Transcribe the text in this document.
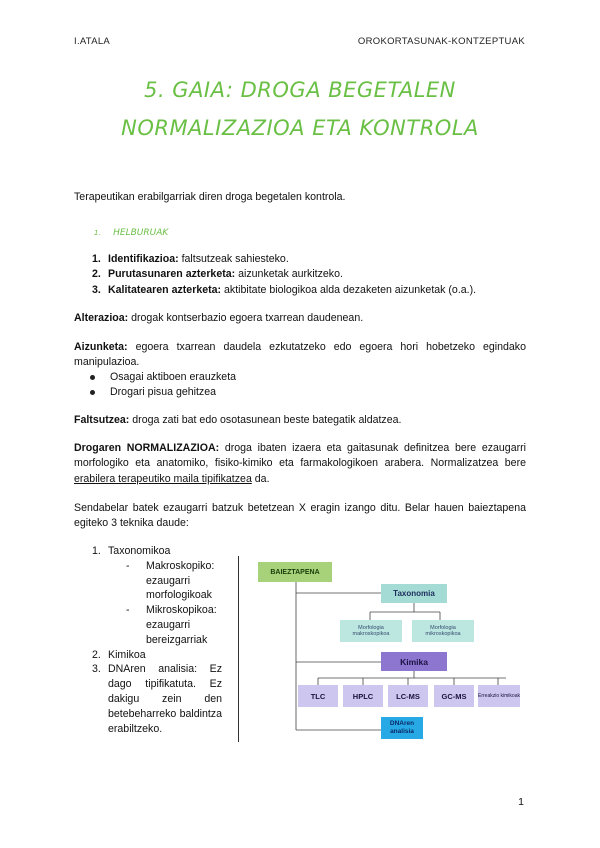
I.ATALA	OROKORTASUNAK-KONTZEPTUAK
5. GAIA: DROGA BEGETALEN
NORMALIZAZIOA ETA KONTROLA
Terapeutikan erabilgarriak diren droga begetalen kontrola.
1. HELBURUAK
1. Identifikazioa: faltsutzeak sahiesteko.
2. Purutasunaren azterketa: aizunketak aurkitzeko.
3. Kalitatearen azterketa: aktibitate biologikoa alda dezaketen aizunketak (o.a.).
Alterazioa: drogak kontserbazio egoera txarrean daudenean.
Aizunketa: egoera txarrean daudela ezkutatzeko edo egoera hori hobetzeko egindako manipulazioa.
Osagai aktiboen erauzketa
Drogari pisua gehitzea
Faltsutzea: droga zati bat edo osotasunean beste bategatik aldatzea.
Drogaren NORMALIZAZIOA: droga ibaten izaera eta gaitasunak definitzea bere ezaugarri morfologiko eta anatomiko, fisiko-kimiko eta farmakologikoen arabera. Normalizatzea bere erabilera terapeutiko maila tipifikatzea da.
Sendabelar batek ezaugarri batzuk betetzean X eragin izango ditu. Belar hauen baieztapena egiteko 3 teknika daude:
1. Taxonomikoa
- Makroskopiko: ezaugarri morfologikoak
- Mikroskopikoa: ezaugarri bereizgarriak
2. Kimikoa
3. DNAren analisia: Ez dago tipifikatuta. Ez dakigu zein den betebeharreko baldintza erabiltzeko.
BAIEZTAPENA
Taxonomia
Morfologia makroskopikoa
Morfologia mikroskopikoa
Kimika
TLC	HPLC	LC-MS	GC-MS	Erreakzio kimikoak
DNAren analisia
1
